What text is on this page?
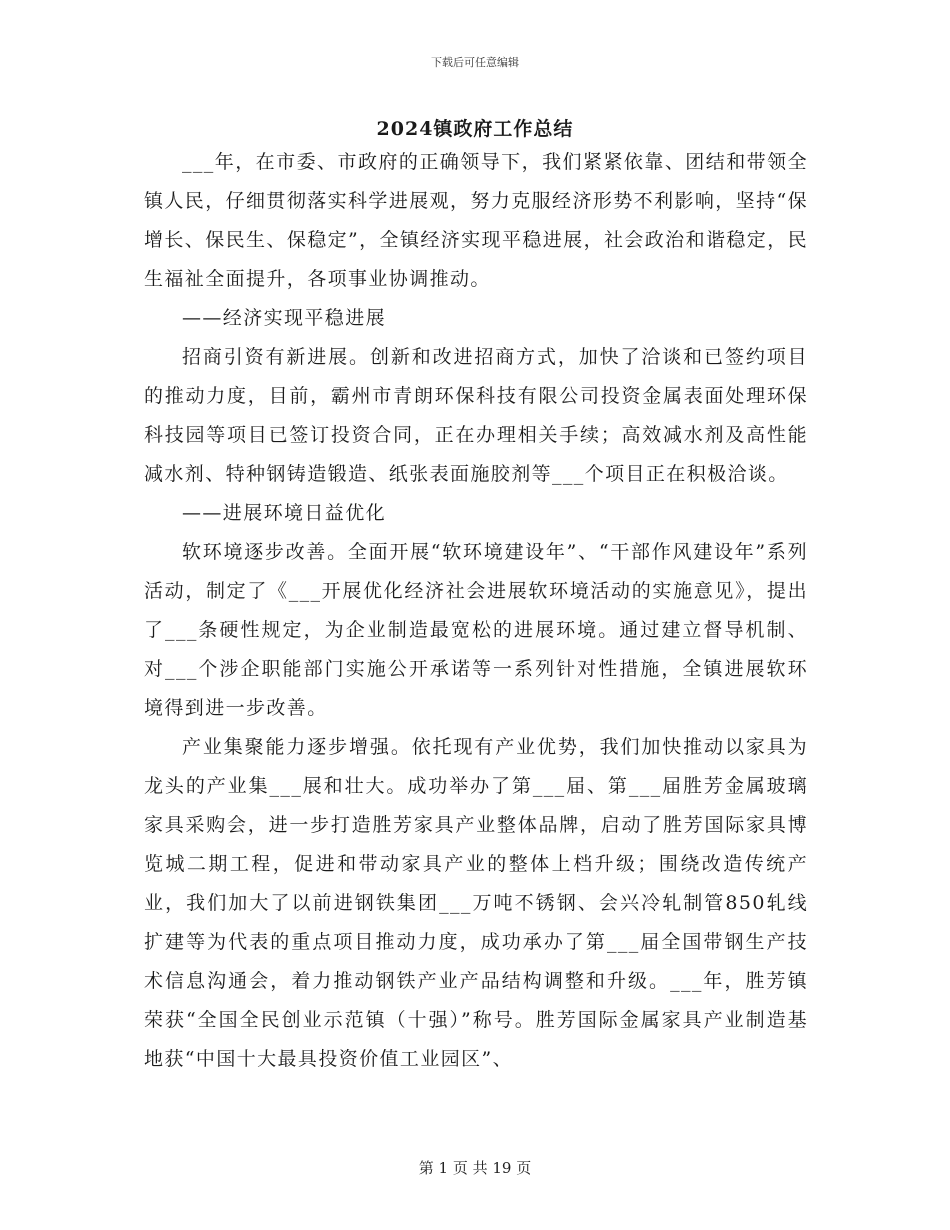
下载后可任意编辑
2024镇政府工作总结

___年，在市委、市政府的正确领导下，我们紧紧依靠、团结和带领全镇人民，仔细贯彻落实科学进展观，努力克服经济形势不利影响，坚持“保增长、保民生、保稳定”，全镇经济实现平稳进展，社会政治和谐稳定，民生福祉全面提升，各项事业协调推动。

——经济实现平稳进展

招商引资有新进展。创新和改进招商方式，加快了洽谈和已签约项目的推动力度，目前，霸州市青朗环保科技有限公司投资金属表面处理环保科技园等项目已签订投资合同，正在办理相关手续；高效减水剂及高性能减水剂、特种钢铸造锻造、纸张表面施胶剂等___个项目正在积极洽谈。

——进展环境日益优化

软环境逐步改善。全面开展“软环境建设年”、“干部作风建设年”系列活动，制定了《___开展优化经济社会进展软环境活动的实施意见》，提出了___条硬性规定，为企业制造最宽松的进展环境。通过建立督导机制、对___个涉企职能部门实施公开承诺等一系列针对性措施，全镇进展软环境得到进一步改善。

产业集聚能力逐步增强。依托现有产业优势，我们加快推动以家具为龙头的产业集___展和壮大。成功举办了第___届、第___届胜芳金属玻璃家具采购会，进一步打造胜芳家具产业整体品牌，启动了胜芳国际家具博览城二期工程，促进和带动家具产业的整体上档升级；围绕改造传统产业，我们加大了以前进钢铁集团___万吨不锈钢、会兴冷轧制管850轧线扩建等为代表的重点项目推动力度，成功承办了第___届全国带钢生产技术信息沟通会，着力推动钢铁产业产品结构调整和升级。___年，胜芳镇荣获“全国全民创业示范镇（十强）”称号。胜芳国际金属家具产业制造基地获“中国十大最具投资价值工业园区”、

第 1 页 共 19 页
